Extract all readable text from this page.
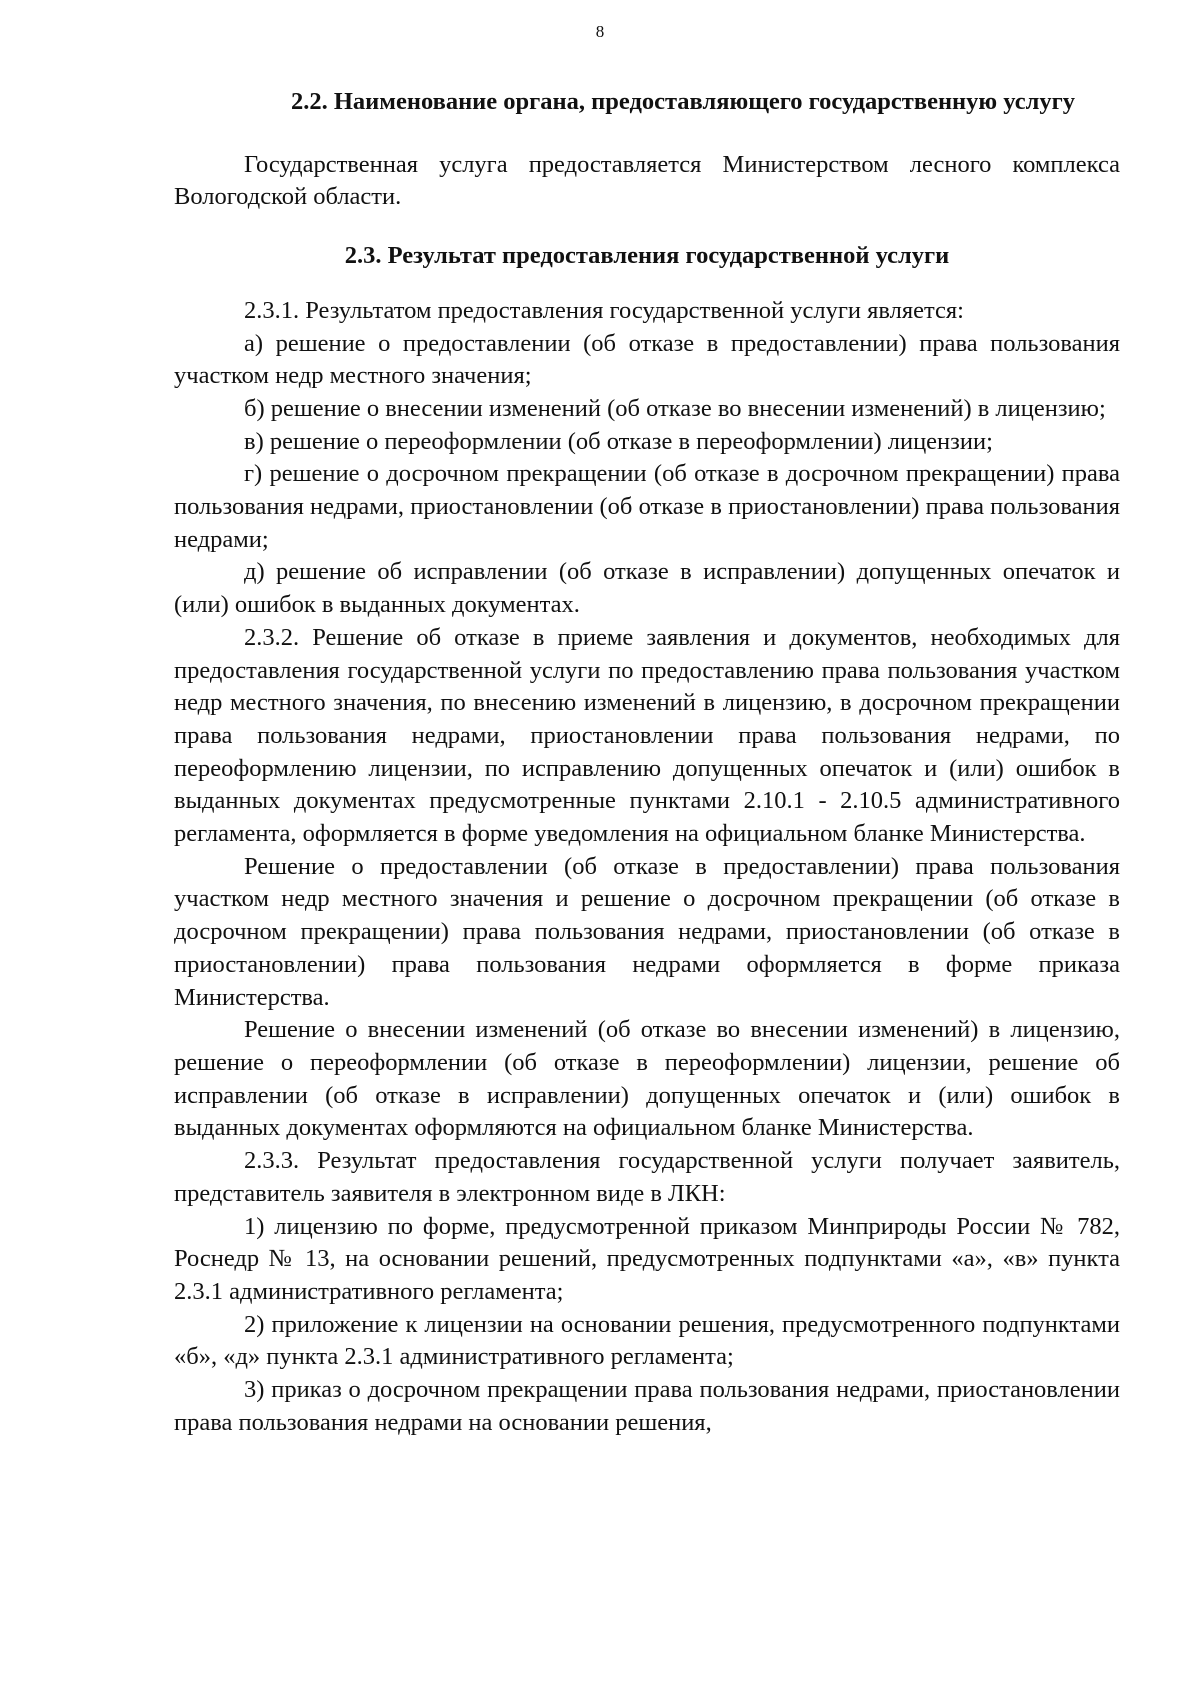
8
2.2. Наименование органа, предоставляющего государственную услугу

Государственная услуга предоставляется Министерством лесного комплекса Вологодской области.

2.3. Результат предоставления государственной услуги

2.3.1. Результатом предоставления государственной услуги является:

а) решение о предоставлении (об отказе в предоставлении) права пользования участком недр местного значения;

б) решение о внесении изменений (об отказе во внесении изменений) в лицензию;

в) решение о переоформлении (об отказе в переоформлении) лицензии;

г) решение о досрочном прекращении (об отказе в досрочном прекращении) права пользования недрами, приостановлении (об отказе в приостановлении) права пользования недрами;

д) решение об исправлении (об отказе в исправлении) допущенных опечаток и (или) ошибок в выданных документах.

2.3.2. Решение об отказе в приеме заявления и документов, необходимых для предоставления государственной услуги по предоставлению права пользования участком недр местного значения, по внесению изменений в лицензию, в досрочном прекращении права пользования недрами, приостановлении права пользования недрами, по переоформлению лицензии, по исправлению допущенных опечаток и (или) ошибок в выданных документах предусмотренные пунктами 2.10.1 - 2.10.5 административного регламента, оформляется в форме уведомления на официальном бланке Министерства.

Решение о предоставлении (об отказе в предоставлении) права пользования участком недр местного значения и решение о досрочном прекращении (об отказе в досрочном прекращении) права пользования недрами, приостановлении (об отказе в приостановлении) права пользования недрами оформляется в форме приказа Министерства.

Решение о внесении изменений (об отказе во внесении изменений) в лицензию, решение о переоформлении (об отказе в переоформлении) лицензии, решение об исправлении (об отказе в исправлении) допущенных опечаток и (или) ошибок в выданных документах оформляются на официальном бланке Министерства.

2.3.3. Результат предоставления государственной услуги получает заявитель, представитель заявителя в электронном виде в ЛКН:

1) лицензию по форме, предусмотренной приказом Минприроды России № 782, Роснедр № 13, на основании решений, предусмотренных подпунктами «а», «в» пункта 2.3.1 административного регламента;

2) приложение к лицензии на основании решения, предусмотренного подпунктами «б», «д» пункта 2.3.1 административного регламента;

3) приказ о досрочном прекращении права пользования недрами, приостановлении права пользования недрами на основании решения,
